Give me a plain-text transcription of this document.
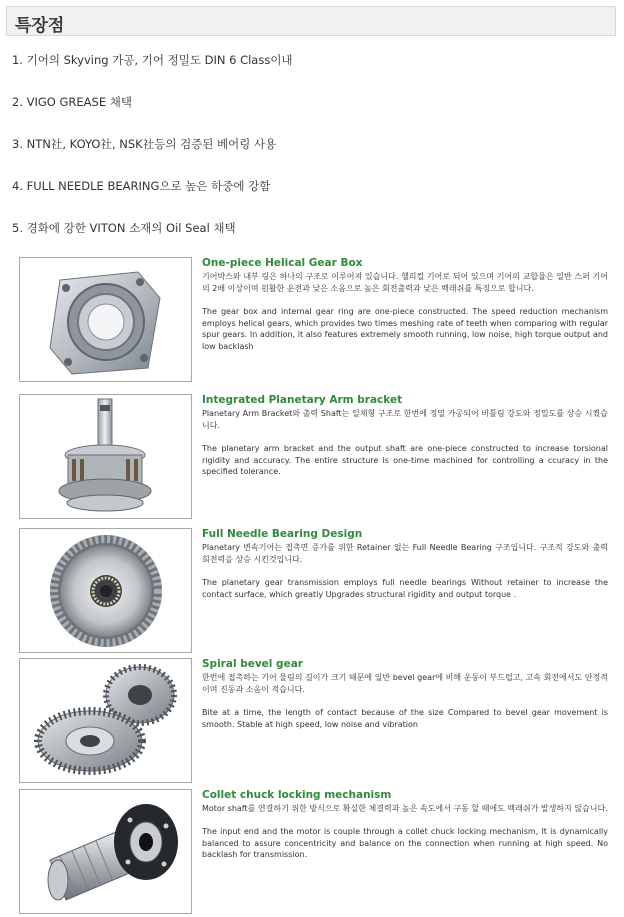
특장점
1. 기어의 Skyving 가공, 기어 정밀도 DIN 6 Class이내
2. VIGO GREASE 채택
3. NTN社, KOYO社, NSK社등의 검증된 베어링 사용
4. FULL NEEDLE BEARING으로 높은 하중에 강함
5. 경화에 강한 VITON 소재의 Oil Seal 채택

One-piece Helical Gear Box

기어박스와 내부 링은 하나의 구조로 이루어져 있습니다. 헬리컬 기어로 되어 있으며 기어의 교합율은 일반 스퍼 기어의 2배 이상이며 원활한 운전과 낮은 소음으로 높은 회전출력과 낮은 백래쉬를 특징으로 합니다.

The gear box and internal gear ring are one-piece constructed. The speed reduction mechanism employs helical gears, which provides two times meshing rate of teeth when comparing with regular spur gears. In addition, it also features extremely smooth running, low noise, high torque output and low backlash

Integrated Planetary Arm bracket

Planetary Arm Bracket와 출력 Shaft는 일체형 구조로 한번에 정밀 가공되어 비틀림 강도와 정밀도를 상승 시켰습니다.

The planetary arm bracket and the output shaft are one-piece constructed to increase torsional rigidity and accuracy. The entire structure is one-time machined for controlling a ccuracy in the specified tolerance.

Full Needle Bearing Design

Planetary 변속기어는 접촉면 증가를 위한 Retainer 없는 Full Needle Bearing 구조입니다. 구조적 강도와 출력 회전력을 상승 시킨것입니다.

The planetary gear transmission employs full needle bearings Without retainer to increase the contact surface, which greatly Upgrades structural rigidity and output torque .

Spiral bevel gear

한번에 접촉하는 기어 물림의 길이가 크기 때문에 일반 bevel gear에 비해 운동이 부드럽고, 고속 회전에서도 안정적이며 진동과 소음이 적습니다.

Bite at a time, the length of contact because of the size Compared to bevel gear movement is smooth. Stable at high speed, low noise and vibration

Collet chuck locking mechanism

Motor shaft를 연결하기 위한 방식으로 확실한 체결력과 높은 속도에서 구동 할 때에도 백래쉬가 발생하지 않습니다.

The input end and the motor is couple through a collet chuck locking mechanism, It is dynamically balanced to assure concentricity and balance on the connection when running at high speed. No backlash for transmission.
